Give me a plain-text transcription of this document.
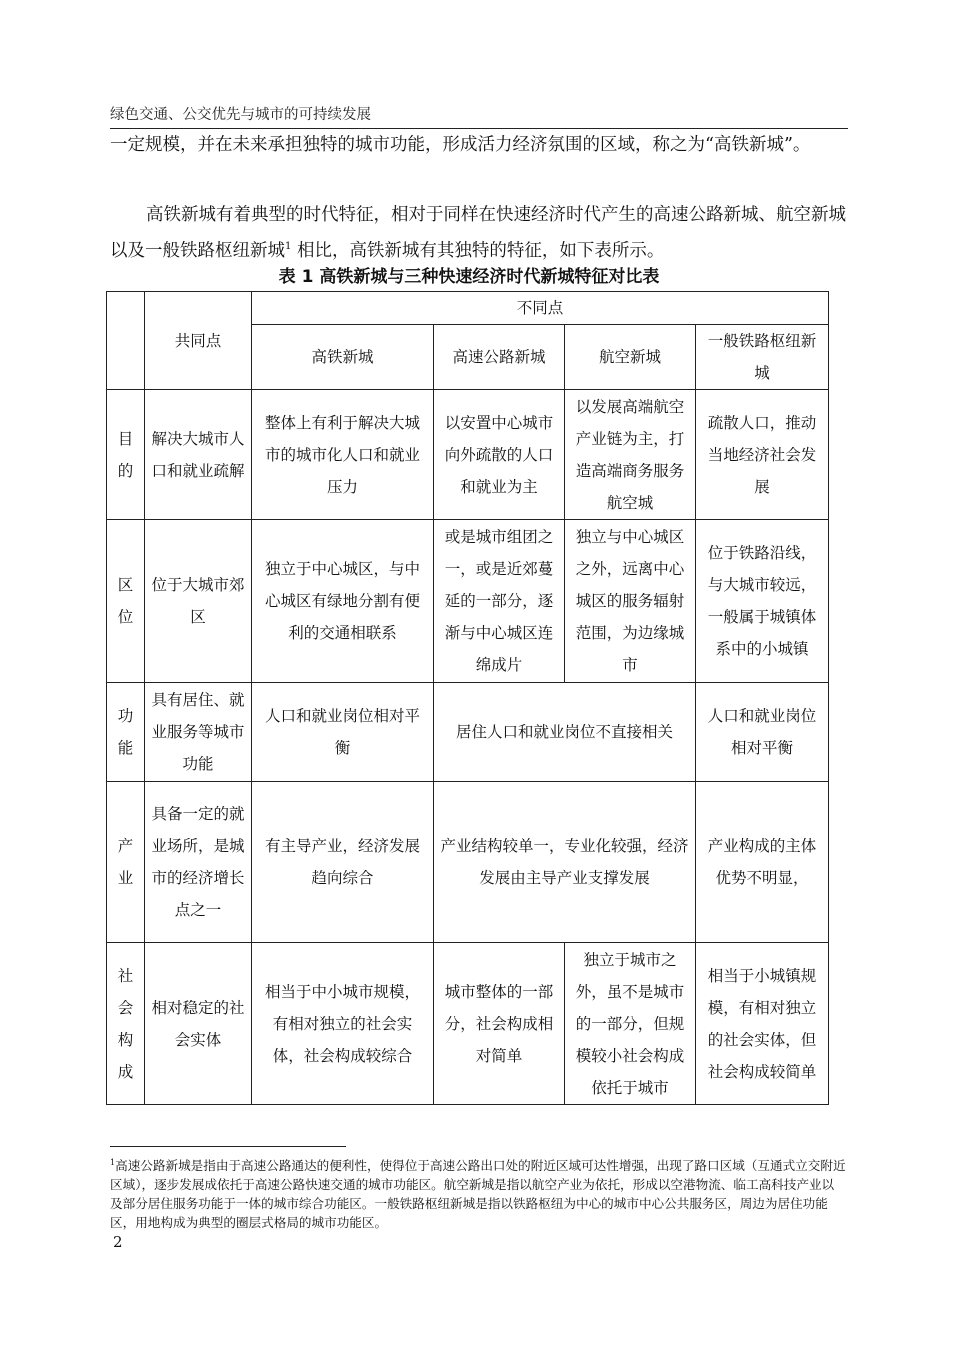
绿色交通、公交优先与城市的可持续发展

一定规模，并在未来承担独特的城市功能，形成活力经济氛围的区域，称之为“高铁新城”。

高铁新城有着典型的时代特征，相对于同样在快速经济时代产生的高速公路新城、航空新城以及一般铁路枢纽新城$^1$ 相比，高铁新城有其独特的特征，如下表所示。

表 1 高铁新城与三种快速经济时代新城特征对比表
	共同点	不同点			
		高铁新城	高速公路新城	航空新城	一般铁路枢纽新城
目的	解决大城市人口和就业疏解	整体上有利于解决大城市的城市化人口和就业压力	以安置中心城市向外疏散的人口和就业为主	以发展高端航空产业链为主，打造高端商务服务航空城	疏散人口，推动当地经济社会发展
区位	位于大城市郊区	独立于中心城区，与中心城区有绿地分割有便利的交通相联系	或是城市组团之一，或是近郊蔓延的一部分，逐渐与中心城区连绵成片	独立与中心城区之外，远离中心城区的服务辐射范围，为边缘城市	位于铁路沿线，与大城市较远，一般属于城镇体系中的小城镇
功能	具有居住、就业服务等城市功能	人口和就业岗位相对平衡	居住人口和就业岗位不直接相关		人口和就业岗位相对平衡
产业	具备一定的就业场所，是城市的经济增长点之一	有主导产业，经济发展趋向综合	产业结构较单一，专业化较强，经济发展由主导产业支撑发展		产业构成的主体优势不明显，
社会构成	相对稳定的社会实体	相当于中小城市规模，有相对独立的社会实体，社会构成较综合	城市整体的一部分，社会构成相对简单	独立于城市之外，虽不是城市的一部分，但规模较小社会构成依托于城市	相当于小城镇规模，有相对独立的社会实体，但社会构成较简单

$^1$高速公路新城是指由于高速公路通达的便利性，使得位于高速公路出口处的附近区域可达性增强，出现了路口区域（互通式立交附近区域），逐步发展成依托于高速公路快速交通的城市功能区。航空新城是指以航空产业为依托，形成以空港物流、临工高科技产业以及部分居住服务功能于一体的城市综合功能区。一般铁路枢纽新城是指以铁路枢纽为中心的城市中心公共服务区，周边为居住功能区，用地构成为典型的圈层式格局的城市功能区。

2
